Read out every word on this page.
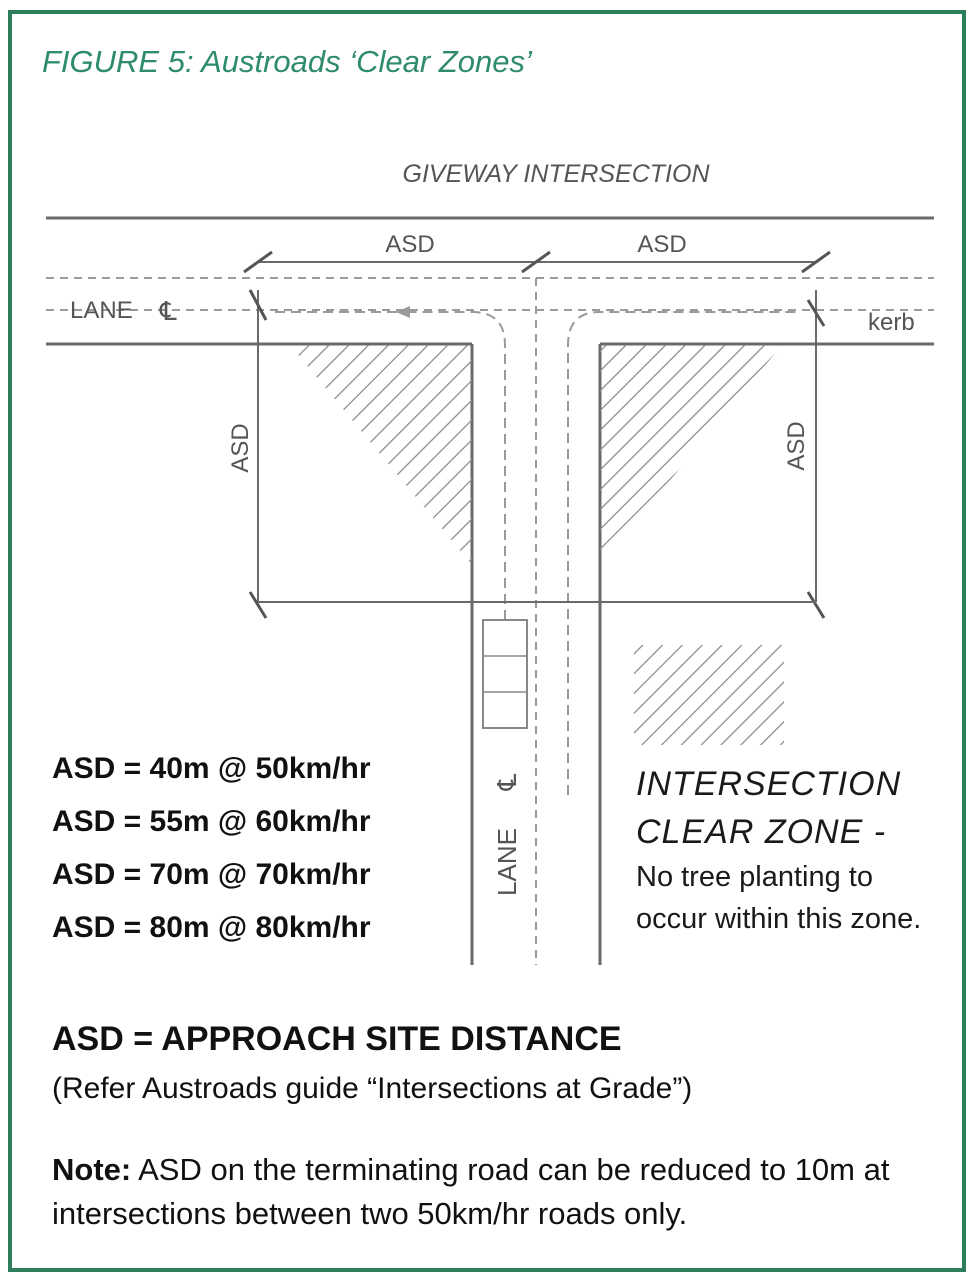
FIGURE 5: Austroads ‘Clear Zones’
GIVEWAY INTERSECTION
ASD	ASD
ASD	ASD
LANE ℄	kerb
LANE
℄
ASD = 40m @ 50km/hr
ASD = 55m @ 60km/hr
ASD = 70m @ 70km/hr
ASD = 80m @ 80km/hr
INTERSECTION
CLEAR ZONE -
No tree planting to
occur within this zone.
ASD = APPROACH SITE DISTANCE
(Refer Austroads guide “Intersections at Grade”)
Note: ASD on the terminating road can be reduced to 10m at intersections between two 50km/hr roads only.
